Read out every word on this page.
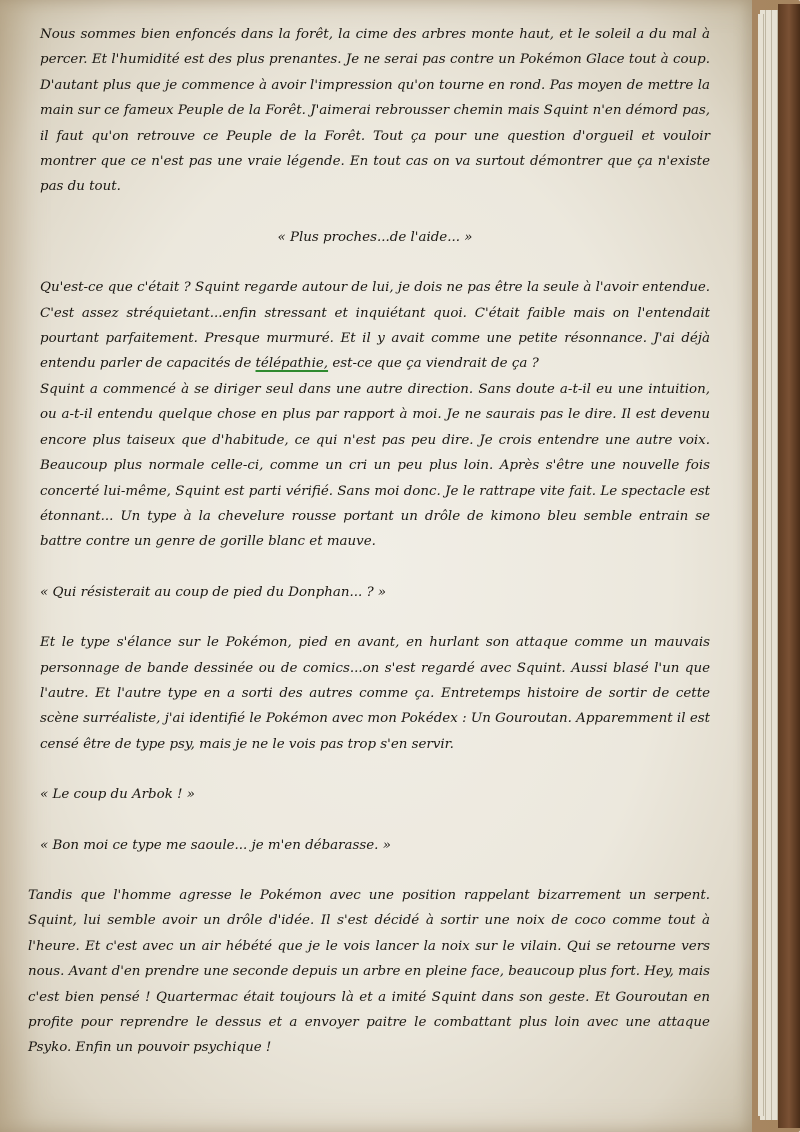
Nous sommes bien enfoncés dans la forêt, la cime des arbres monte haut, et le soleil a du mal à percer. Et l'humidité est des plus prenantes. Je ne serai pas contre un Pokémon Glace tout à coup. D'autant plus que je commence à avoir l'impression qu'on tourne en rond. Pas moyen de mettre la main sur ce fameux Peuple de la Forêt. J'aimerai rebrousser chemin mais Squint n'en démord pas, il faut qu'on retrouve ce Peuple de la Forêt. Tout ça pour une question d'orgueil et vouloir montrer que ce n'est pas une vraie légende. En tout cas on va surtout démontrer que ça n'existe pas du tout.

« Plus proches...de l'aide... »

Qu'est-ce que c'était ? Squint regarde autour de lui, je dois ne pas être la seule à l'avoir entendue. C'est assez stréquietant...enfin stressant et inquiétant quoi. C'était faible mais on l'entendait pourtant parfaitement. Presque murmuré. Et il y avait comme une petite résonnance. J'ai déjà entendu parler de capacités de télépathie, est-ce que ça viendrait de ça ?

Squint a commencé à se diriger seul dans une autre direction. Sans doute a-t-il eu une intuition, ou a-t-il entendu quelque chose en plus par rapport à moi. Je ne saurais pas le dire. Il est devenu encore plus taiseux que d'habitude, ce qui n'est pas peu dire. Je crois entendre une autre voix. Beaucoup plus normale celle-ci, comme un cri un peu plus loin. Après s'être une nouvelle fois concerté lui-même, Squint est parti vérifié. Sans moi donc. Je le rattrape vite fait. Le spectacle est étonnant... Un type à la chevelure rousse portant un drôle de kimono bleu semble entrain se battre contre un genre de gorille blanc et mauve.

« Qui résisterait au coup de pied du Donphan... ? »

Et le type s'élance sur le Pokémon, pied en avant, en hurlant son attaque comme un mauvais personnage de bande dessinée ou de comics...on s'est regardé avec Squint. Aussi blasé l'un que l'autre. Et l'autre type en a sorti des autres comme ça. Entretemps histoire de sortir de cette scène surréaliste, j'ai identifié le Pokémon avec mon Pokédex : Un Gouroutan. Apparemment il est censé être de type psy, mais je ne le vois pas trop s'en servir.

« Le coup du Arbok ! »

« Bon moi ce type me saoule... je m'en débarasse. »

Tandis que l'homme agresse le Pokémon avec une position rappelant bizarrement un serpent. Squint, lui semble avoir un drôle d'idée. Il s'est décidé à sortir une noix de coco comme tout à l'heure. Et c'est avec un air hébété que je le vois lancer la noix sur le vilain. Qui se retourne vers nous. Avant d'en prendre une seconde depuis un arbre en pleine face, beaucoup plus fort. Hey, mais c'est bien pensé ! Quartermac était toujours là et a imité Squint dans son geste. Et Gouroutan en profite pour reprendre le dessus et a envoyer paitre le combattant plus loin avec une attaque Psyko. Enfin un pouvoir psychique !
